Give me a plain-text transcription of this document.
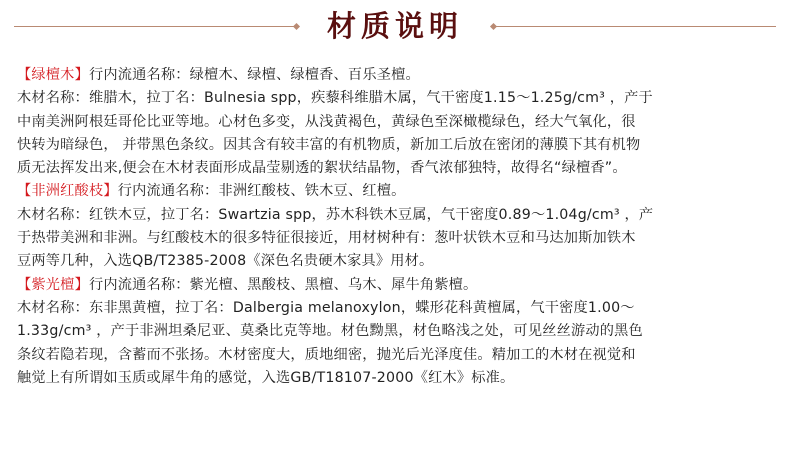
材质说明

【绿檀木】行内流通名称：绿檀木、绿檀、绿檀香、百乐圣檀。

木材名称：维腊木，拉丁名：Bulnesia spp，疾藜科维腊木属，气干密度1.15～1.25g/cm³ ，产于

中南美洲阿根廷哥伦比亚等地。心材色多变，从浅黄褐色，黄绿色至深橄榄绿色，经大气氧化，很

快转为暗绿色， 并带黑色条纹。因其含有较丰富的有机物质，新加工后放在密闭的薄膜下其有机物

质无法挥发出来,便会在木材表面形成晶莹剔透的絮状结晶物，香气浓郁独特，故得名“绿檀香”。

【非洲红酸枝】行内流通名称：非洲红酸枝、铁木豆、红檀。

木材名称：红铁木豆，拉丁名：Swartzia spp，苏木科铁木豆属，气干密度0.89～1.04g/cm³ ，产

于热带美洲和非洲。与红酸枝木的很多特征很接近，用材树种有：葱叶状铁木豆和马达加斯加铁木

豆两等几种，入选QB/T2385-2008《深色名贵硬木家具》用材。

【紫光檀】行内流通名称：紫光檀、黑酸枝、黑檀、乌木、犀牛角紫檀。

木材名称：东非黑黄檀，拉丁名：Dalbergia melanoxylon，蝶形花科黄檀属，气干密度1.00～

1.33g/cm³ ，产于非洲坦桑尼亚、莫桑比克等地。材色黝黑，材色略浅之处，可见丝丝游动的黑色

条纹若隐若现，含蓄而不张扬。木材密度大，质地细密，抛光后光泽度佳。精加工的木材在视觉和

触觉上有所谓如玉质或犀牛角的感觉，入选GB/T18107-2000《红木》标准。
